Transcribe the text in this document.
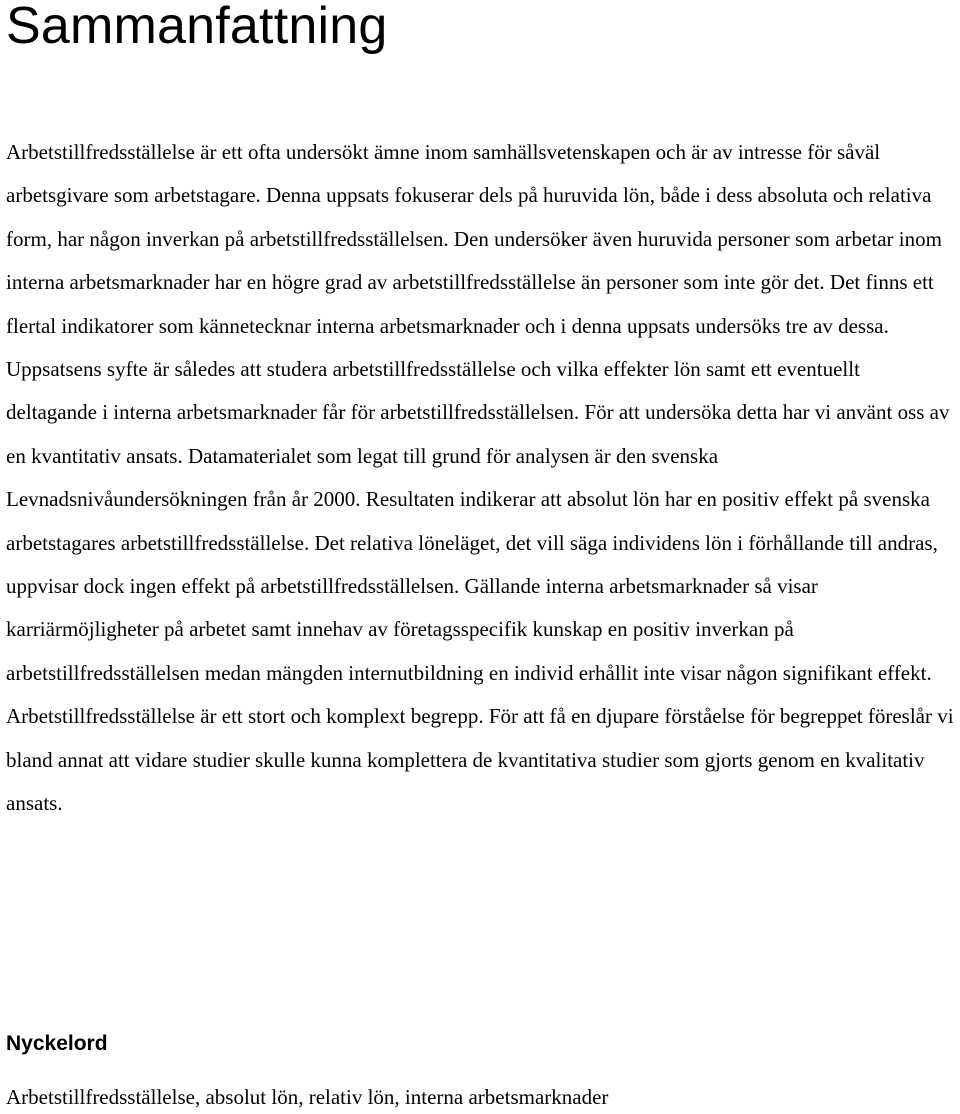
Sammanfattning

Arbetstillfredsställelse är ett ofta undersökt ämne inom samhällsvetenskapen och är av intresse för såväl arbetsgivare som arbetstagare. Denna uppsats fokuserar dels på huruvida lön, både i dess absoluta och relativa form, har någon inverkan på arbetstillfredsställelsen. Den undersöker även huruvida personer som arbetar inom interna arbetsmarknader har en högre grad av arbetstillfredsställelse än personer som inte gör det. Det finns ett flertal indikatorer som kännetecknar interna arbetsmarknader och i denna uppsats undersöks tre av dessa. Uppsatsens syfte är således att studera arbetstillfredsställelse och vilka effekter lön samt ett eventuellt deltagande i interna arbetsmarknader får för arbetstillfredsställelsen. För att undersöka detta har vi använt oss av en kvantitativ ansats. Datamaterialet som legat till grund för analysen är den svenska Levnadsnivåundersökningen från år 2000. Resultaten indikerar att absolut lön har en positiv effekt på svenska arbetstagares arbetstillfredsställelse. Det relativa löneläget, det vill säga individens lön i förhållande till andras, uppvisar dock ingen effekt på arbetstillfredsställelsen. Gällande interna arbetsmarknader så visar karriärmöjligheter på arbetet samt innehav av företagsspecifik kunskap en positiv inverkan på arbetstillfredsställelsen medan mängden internutbildning en individ erhållit inte visar någon signifikant effekt. Arbetstillfredsställelse är ett stort och komplext begrepp. För att få en djupare förståelse för begreppet föreslår vi bland annat att vidare studier skulle kunna komplettera de kvantitativa studier som gjorts genom en kvalitativ ansats.

Nyckelord

Arbetstillfredsställelse, absolut lön, relativ lön, interna arbetsmarknader
